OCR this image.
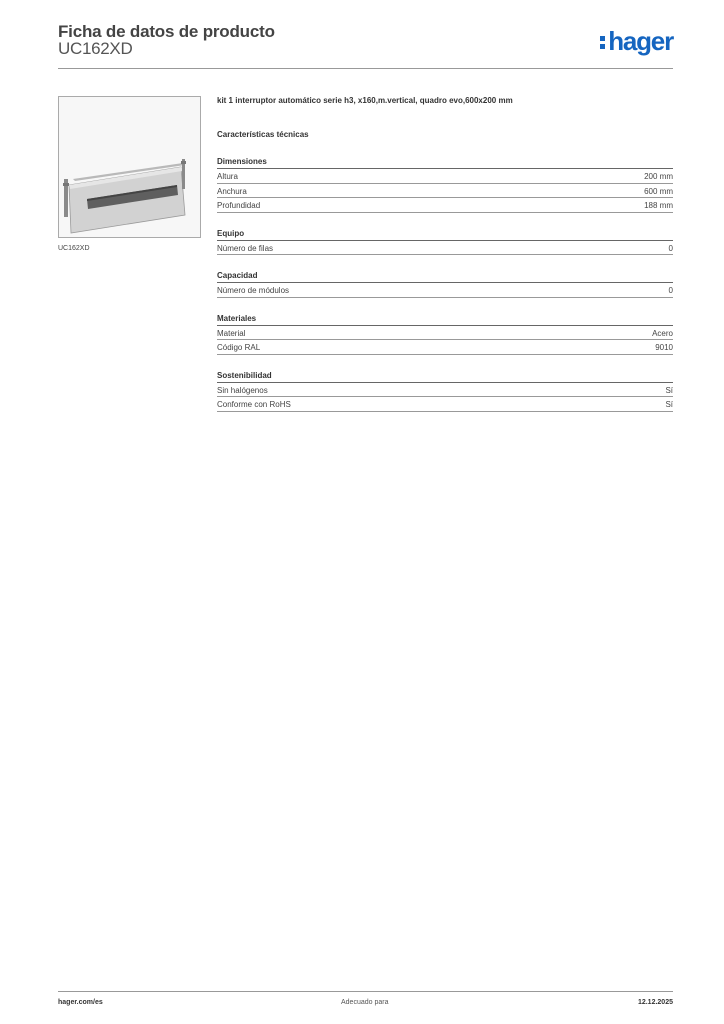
Ficha de datos de producto
UC162XD	hager
UC162XD
kit 1 interruptor automático serie h3, x160,m.vertical, quadro evo,600x200 mm
Características técnicas
Dimensiones
Altura	200 mm
Anchura	600 mm
Profundidad	188 mm
Equipo
Número de filas	0
Capacidad
Número de módulos	0
Materiales
Material	Acero
Código RAL	9010
Sostenibilidad
Sin halógenos	Sí
Conforme con RoHS	Sí
hager.com/es	Adecuado para	12.12.2025
